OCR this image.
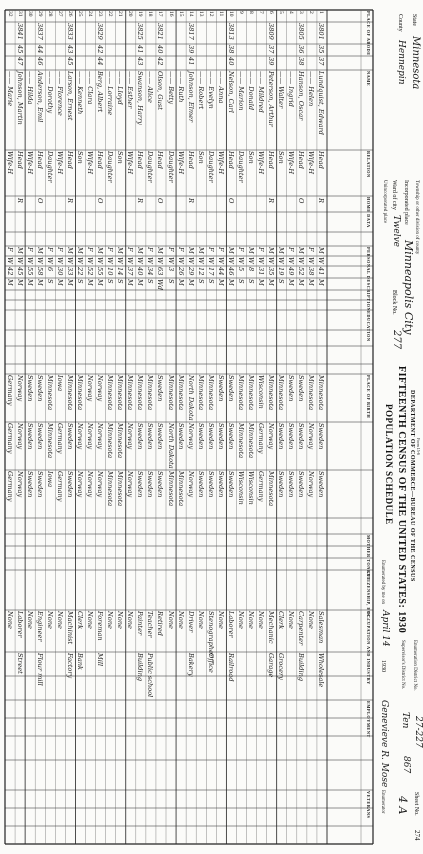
State
Minnesota
County
Hennepin
Township or other division of county
Incorporated place
Minneapolis City
Ward of city
Twelve
Block No.
277
Unincorporated place
Form 15-6
DEPARTMENT OF COMMERCE—BUREAU OF THE CENSUS
FIFTEENTH CENSUS OF THE UNITED STATES: 1930
POPULATION SCHEDULE
Enumeration District No.
27-227
Supervisor's District No.
Ten
867
Sheet No.
4 A
274
Enumerated by me on
April 14
1930
Genevieve R. Mose
Enumerator
PLACE OF ABODE
NAME
RELATION
HOME DATA
PERSONAL DESCRIPTION
EDUCATION
PLACE OF BIRTH
MOTHER TONGUE
CITIZENSHIP, ETC.
OCCUPATION AND INDUSTRY
EMPLOYMENT
VETERANS
1
3801
35
37
Lundquist, Edward
Head
R
M
W
41
M
Minnesota
Sweden
Sweden
Salesman
Wholesale
2
—— Helen
Wife-H
F
W
38
M
Minnesota
Norway
Norway
None
3
3805
36
38
Hanson, Oscar
Head
O
M
W
52
M
Sweden
Sweden
Sweden
Carpenter
Building
4
—— Ingrid
Wife-H
F
W
49
M
Sweden
Sweden
Sweden
None
5
—— Walter
Son
M
W
19
S
Minnesota
Sweden
Sweden
Clerk
Grocery
6
3809
37
39
Peterson, Arthur
Head
R
M
W
35
M
Minnesota
Norway
Minnesota
Mechanic
Garage
7
—— Mildred
Wife-H
F
W
31
M
Wisconsin
Germany
Germany
None
8
—— Donald
Son
M
W
8
S
Minnesota
Minnesota
Wisconsin
None
9
—— Marion
Daughter
F
W
5
S
Minnesota
Minnesota
Wisconsin
None
10
3813
38
40
Nelson, Carl
Head
O
M
W
46
M
Sweden
Sweden
Sweden
Laborer
Railroad
11
—— Anna
Wife-H
F
W
44
M
Sweden
Sweden
Sweden
None
12
—— Evelyn
Daughter
F
W
17
S
Minnesota
Sweden
Sweden
Stenographer
Office
13
—— Robert
Son
M
W
12
S
Minnesota
Sweden
Sweden
None
14
3817
39
41
Johnson, Elmer
Head
R
M
W
29
M
North Dakota
Norway
Norway
Driver
Bakery
15
—— Ruth
Wife-H
F
W
26
M
Minnesota
Sweden
Minnesota
None
16
—— Betty
Daughter
F
W
3
S
Minnesota
North Dakota
Minnesota
None
17
3821
40
42
Olson, Gust
Head
O
M
W
63
Wd
Sweden
Sweden
Sweden
Retired
18
—— Alice
Daughter
F
W
34
S
Minnesota
Sweden
Sweden
Teacher
Public school
19
3825
41
43
Swanson, Harry
Head
R
M
W
40
M
Minnesota
Sweden
Sweden
Painter
Building
20
—— Esther
Wife-H
F
W
37
M
Minnesota
Norway
Norway
None
21
—— Lloyd
Son
M
W
14
S
Minnesota
Minnesota
Minnesota
None
22
—— Lorraine
Daughter
F
W
10
S
Minnesota
Minnesota
Minnesota
None
23
3829
42
44
Berg, Albert
Head
O
M
W
55
M
Norway
Norway
Norway
Foreman
Mill
24
—— Clara
Wife-H
F
W
52
M
Norway
Norway
Norway
None
25
—— Kenneth
Son
M
W
22
S
Minnesota
Norway
Norway
Clerk
Bank
26
3833
43
45
Larson, Ernest
Head
R
M
W
33
M
Minnesota
Sweden
Sweden
Machinist
Factory
27
—— Florence
Wife-H
F
W
30
M
Iowa
Germany
Germany
None
28
—— Dorothy
Daughter
F
W
6
S
Minnesota
Minnesota
Iowa
None
29
3837
44
46
Anderson, Emil
Head
O
M
W
58
M
Sweden
Sweden
Sweden
Engineer
Flour mill
30
—— Hilda
Wife-H
F
W
55
M
Sweden
Sweden
Sweden
None
31
3841
45
47
Johnson, Martin
Head
R
M
W
45
M
Norway
Norway
Norway
Laborer
Street
32
—— Marie
Wife-H
F
W
42
M
Germany
Germany
Germany
None
